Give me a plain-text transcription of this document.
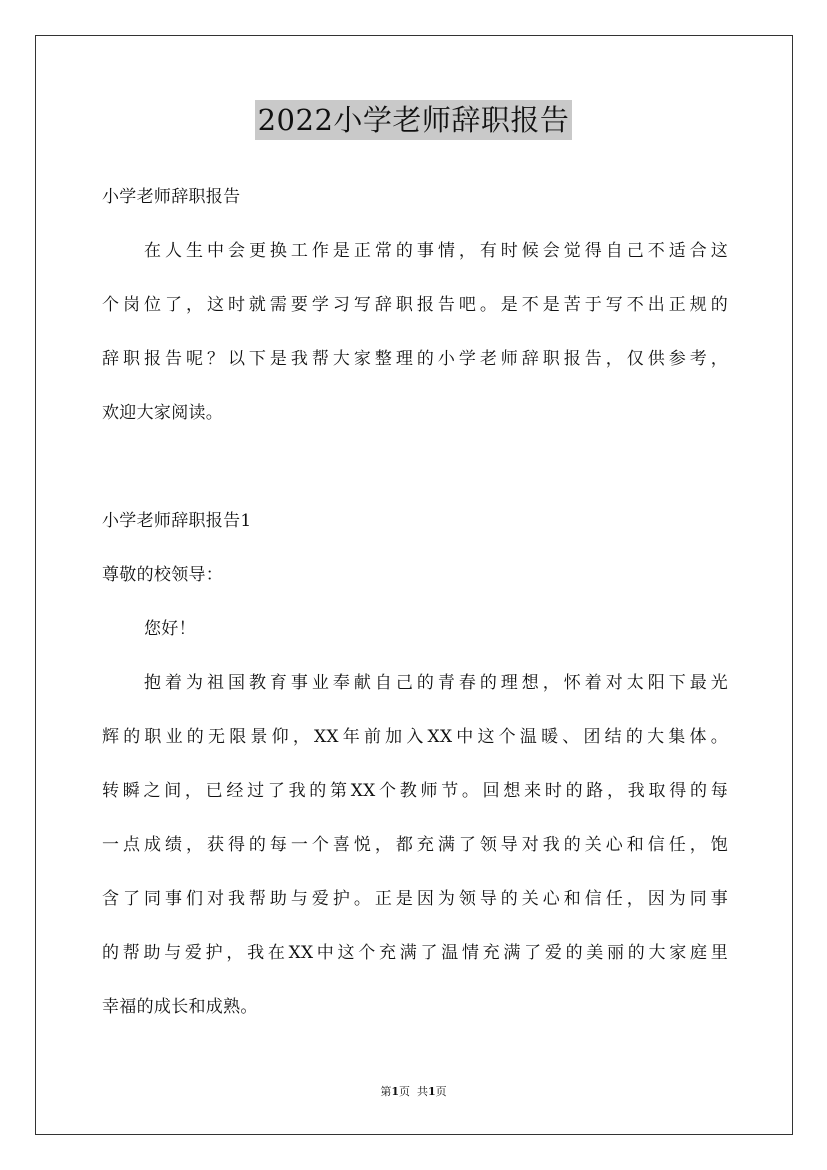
2022小学老师辞职报告

小学老师辞职报告

在人生中会更换工作是正常的事情，有时候会觉得自己不适合这

个岗位了，这时就需要学习写辞职报告吧。是不是苦于写不出正规的

辞职报告呢？以下是我帮大家整理的小学老师辞职报告，仅供参考，

欢迎大家阅读。

小学老师辞职报告1

尊敬的校领导：

您好！

抱着为祖国教育事业奉献自己的青春的理想，怀着对太阳下最光

辉的职业的无限景仰，XX年前加入XX中这个温暖、团结的大集体。

转瞬之间，已经过了我的第XX个教师节。回想来时的路，我取得的每

一点成绩，获得的每一个喜悦，都充满了领导对我的关心和信任，饱

含了同事们对我帮助与爱护。正是因为领导的关心和信任，因为同事

的帮助与爱护，我在XX中这个充满了温情充满了爱的美丽的大家庭里

幸福的成长和成熟。

第1页  共1页
